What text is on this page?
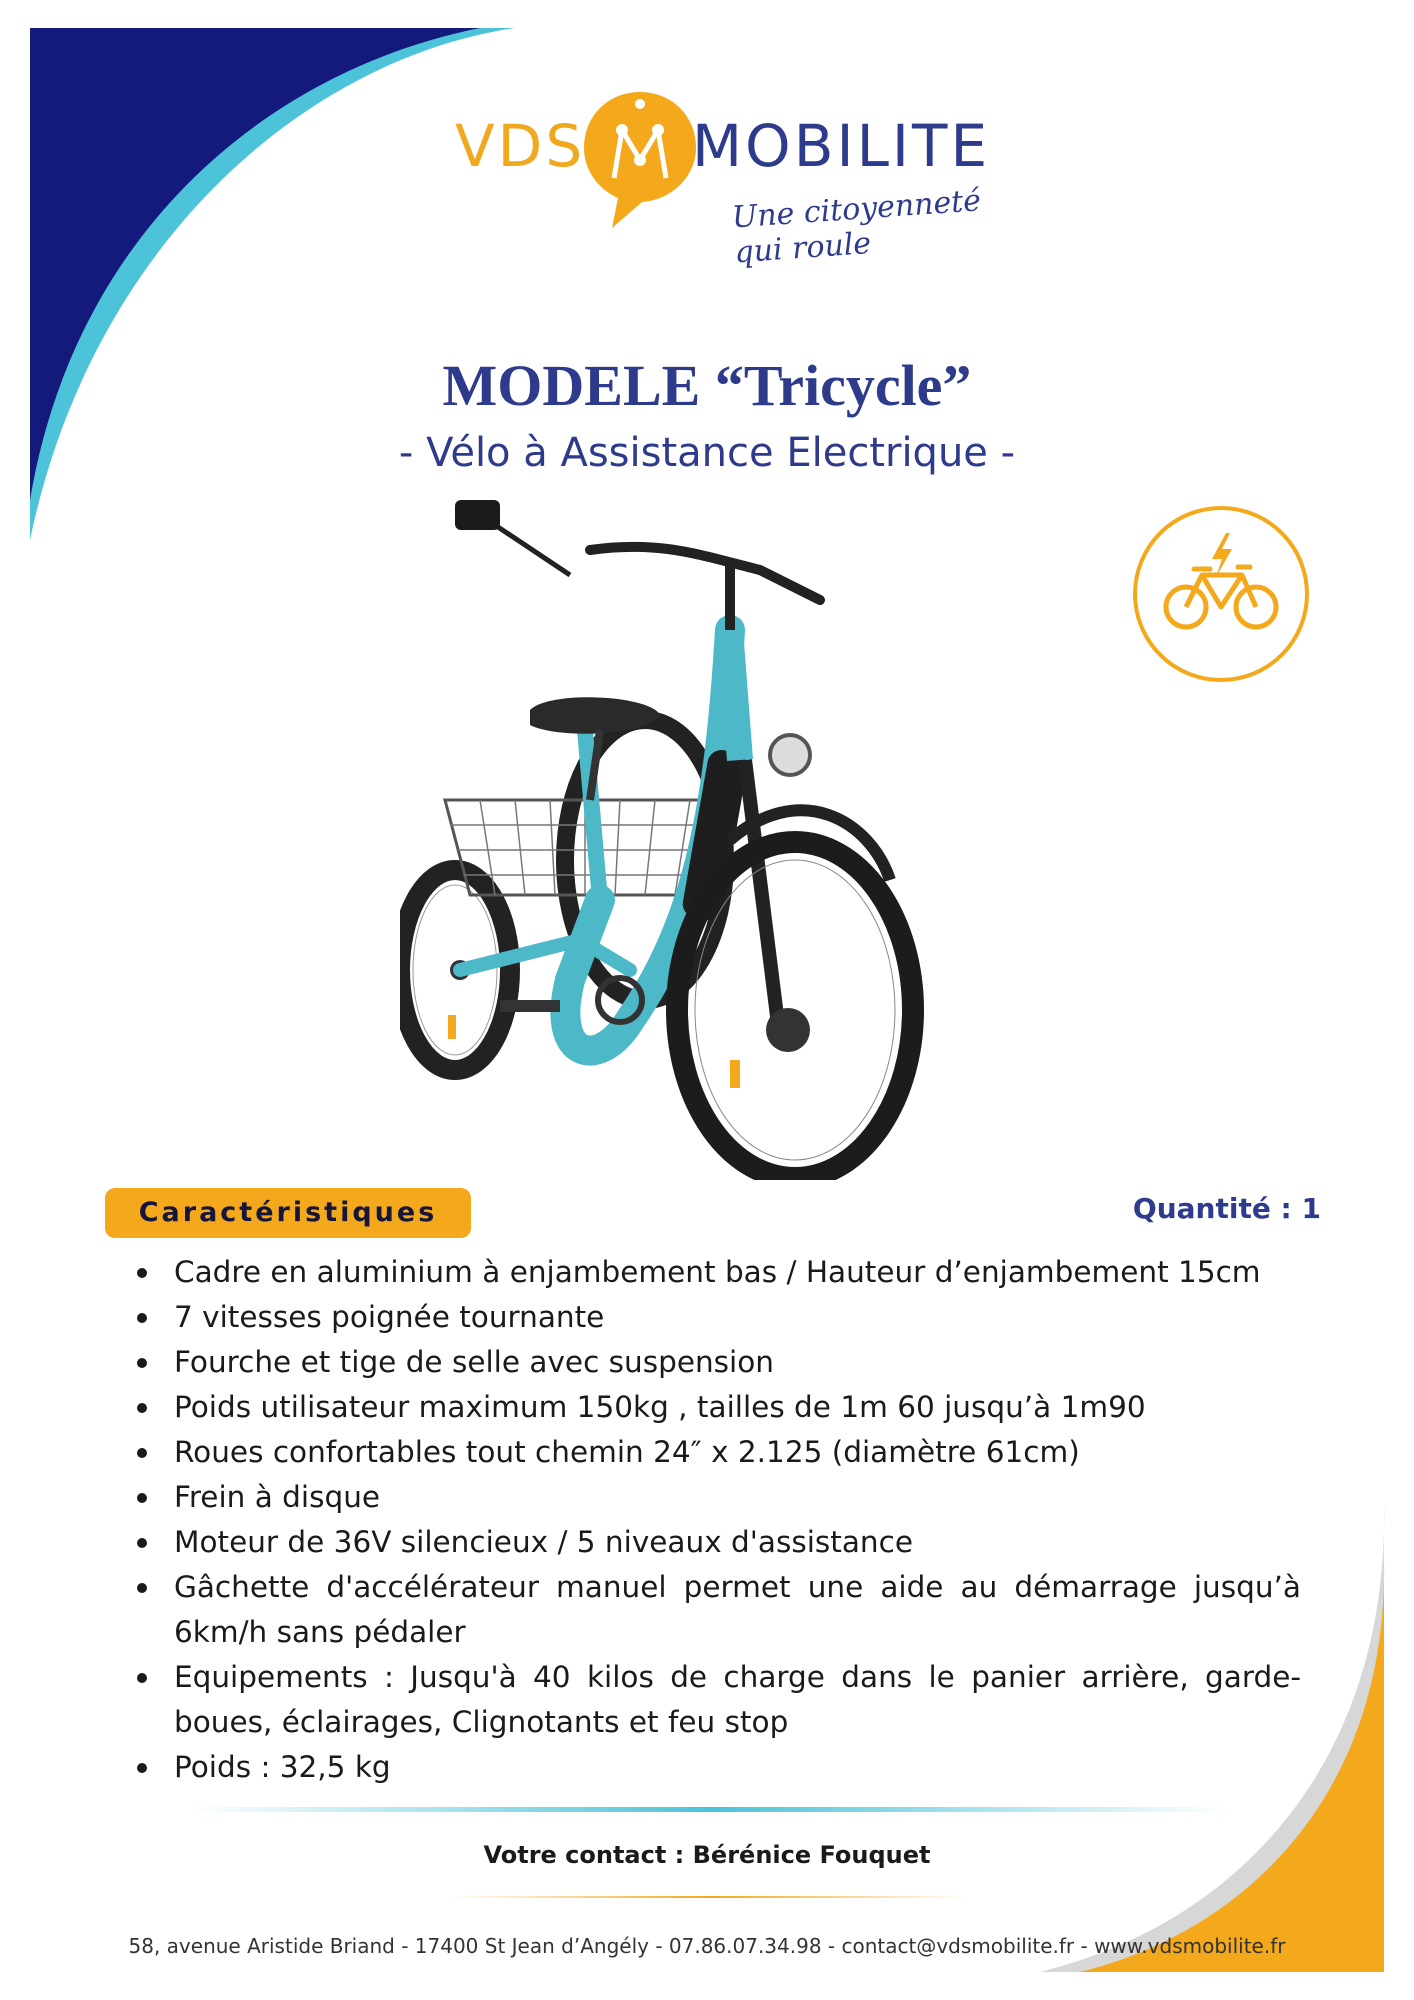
VDS MOBILITE
Une citoyenneté qui roule
MODELE “Tricycle”
- Vélo à Assistance Electrique -
Caractéristiques	Quantité : 1
Cadre en aluminium à enjambement bas / Hauteur d’enjambement 15cm
7 vitesses poignée tournante
Fourche et tige de selle avec suspension
Poids utilisateur maximum 150kg , tailles de 1m 60 jusqu’à 1m90
Roues confortables tout chemin 24″ x 2.125 (diamètre 61cm)
Frein à disque
Moteur de 36V silencieux / 5 niveaux d'assistance
Gâchette d'accélérateur manuel permet une aide au démarrage jusqu’à 6km/h sans pédaler
Equipements : Jusqu'à 40 kilos de charge dans le panier arrière, garde-boues, éclairages, Clignotants et feu stop
Poids : 32,5 kg
Votre contact : Bérénice Fouquet
58, avenue Aristide Briand - 17400 St Jean d’Angély - 07.86.07.34.98 - contact@vdsmobilite.fr - www.vdsmobilite.fr
